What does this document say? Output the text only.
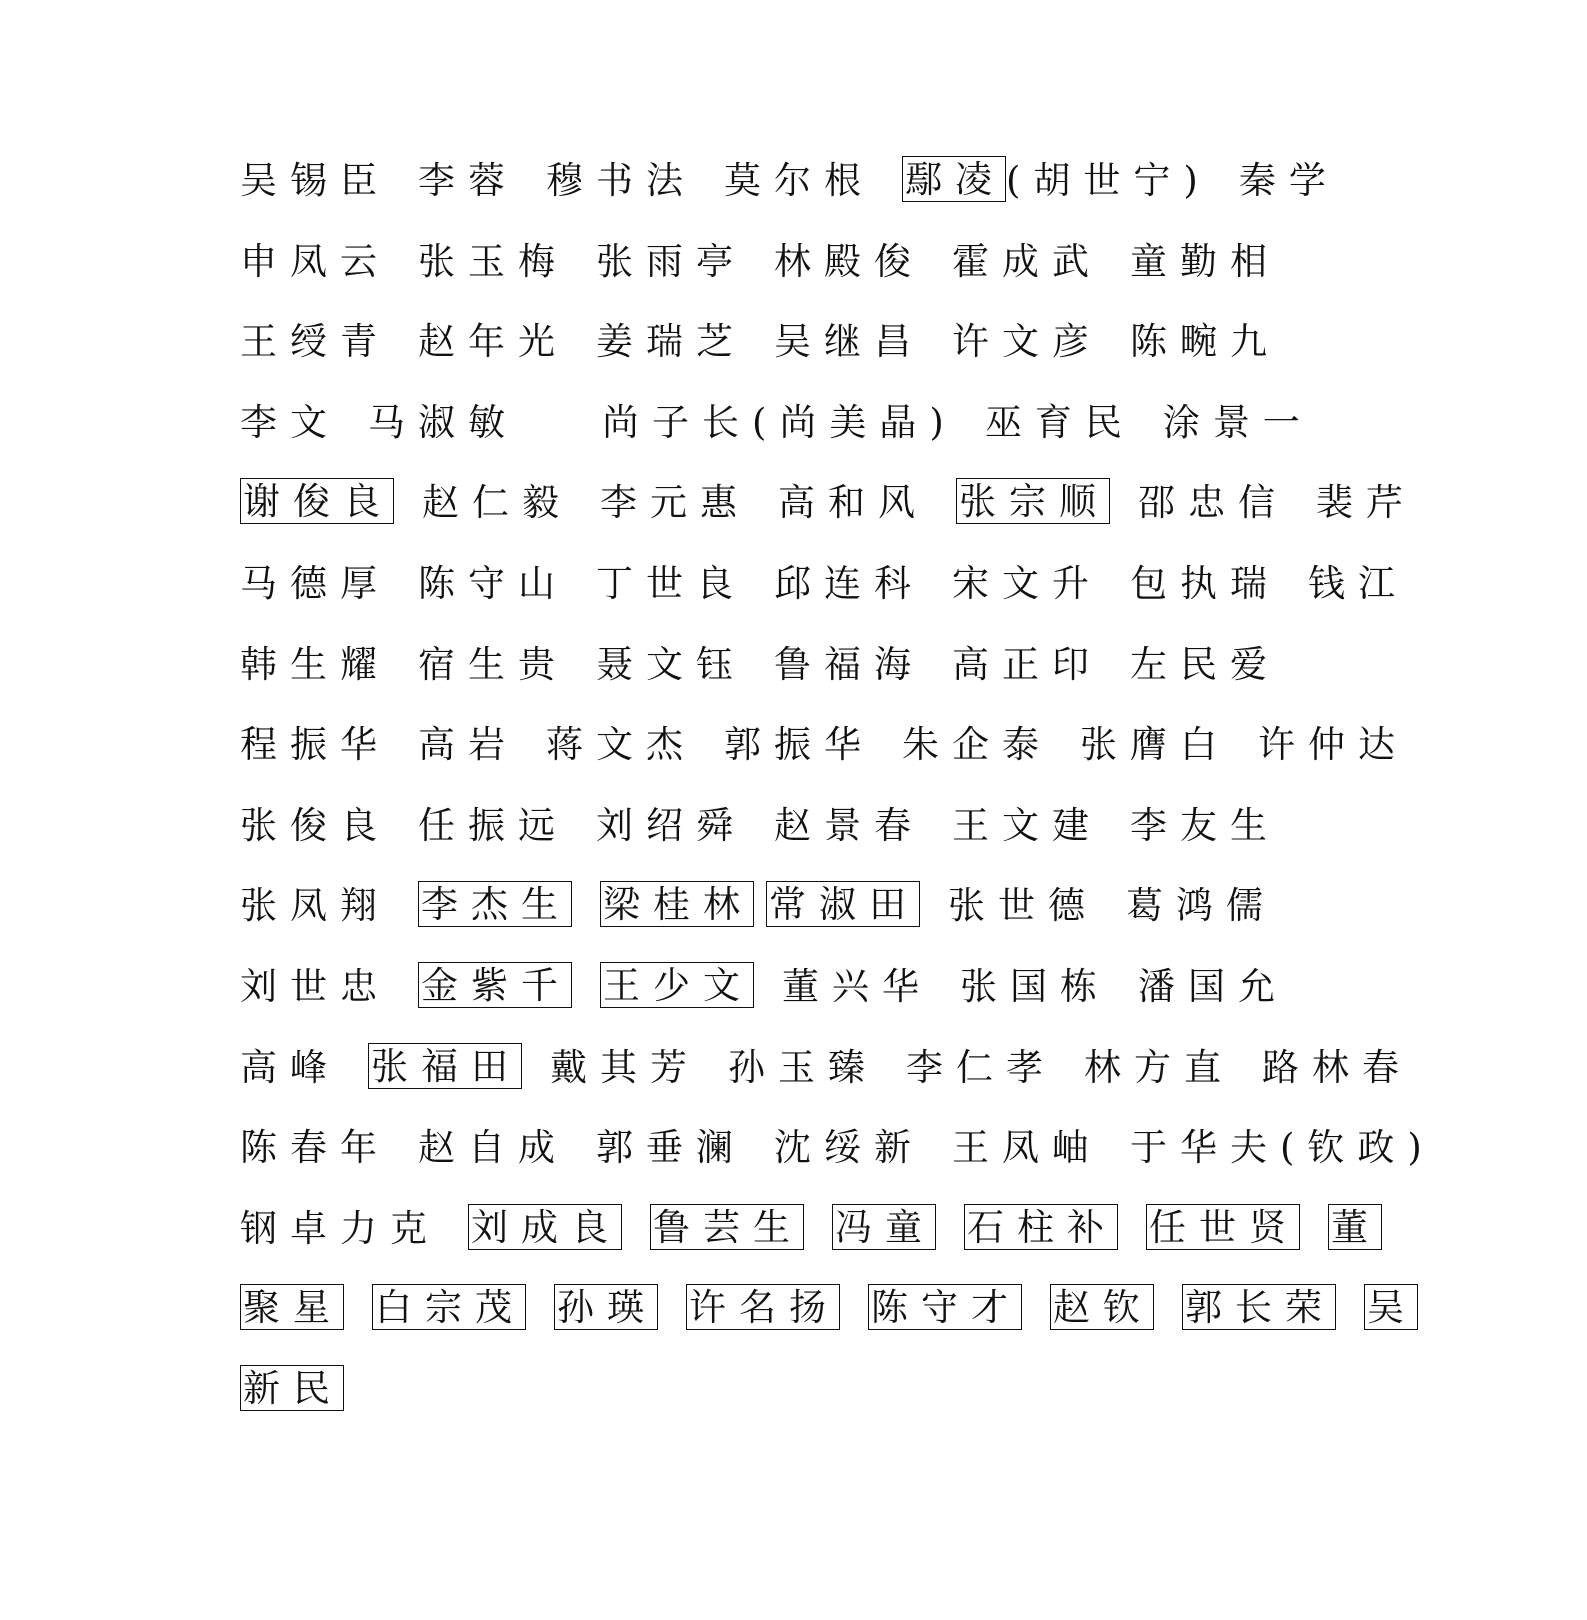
吴锡臣 李蓉 穆书法 莫尔根 鄢凌(胡世宁) 秦学
申凤云 张玉梅 张雨亭 林殿俊 霍成武 童勤相
王绶青 赵年光 姜瑞芝 吴继昌 许文彦 陈畹九
李文 马淑敏 尚子长(尚美晶) 巫育民 涂景一
谢俊良 赵仁毅 李元惠 高和风 张宗顺 邵忠信 裴芹
马德厚 陈守山 丁世良 邱连科 宋文升 包执瑞 钱江
韩生耀 宿生贵 聂文钰 鲁福海 高正印 左民爱
程振华 高岩 蒋文杰 郭振华 朱企泰 张膺白 许仲达
张俊良 任振远 刘绍舜 赵景春 王文建 李友生
张凤翔 李杰生 梁桂林 常淑田 张世德 葛鸿儒
刘世忠 金紫千 王少文 董兴华 张国栋 潘国允
高峰 张福田 戴其芳 孙玉臻 李仁孝 林方直 路林春
陈春年 赵自成 郭垂澜 沈绥新 王凤岫 于华夫(钦政)
钢卓力克 刘成良 鲁芸生 冯童 石柱补 任世贤 董
聚星 白宗茂 孙瑛 许名扬 陈守才 赵钦 郭长荣 吴
新民
